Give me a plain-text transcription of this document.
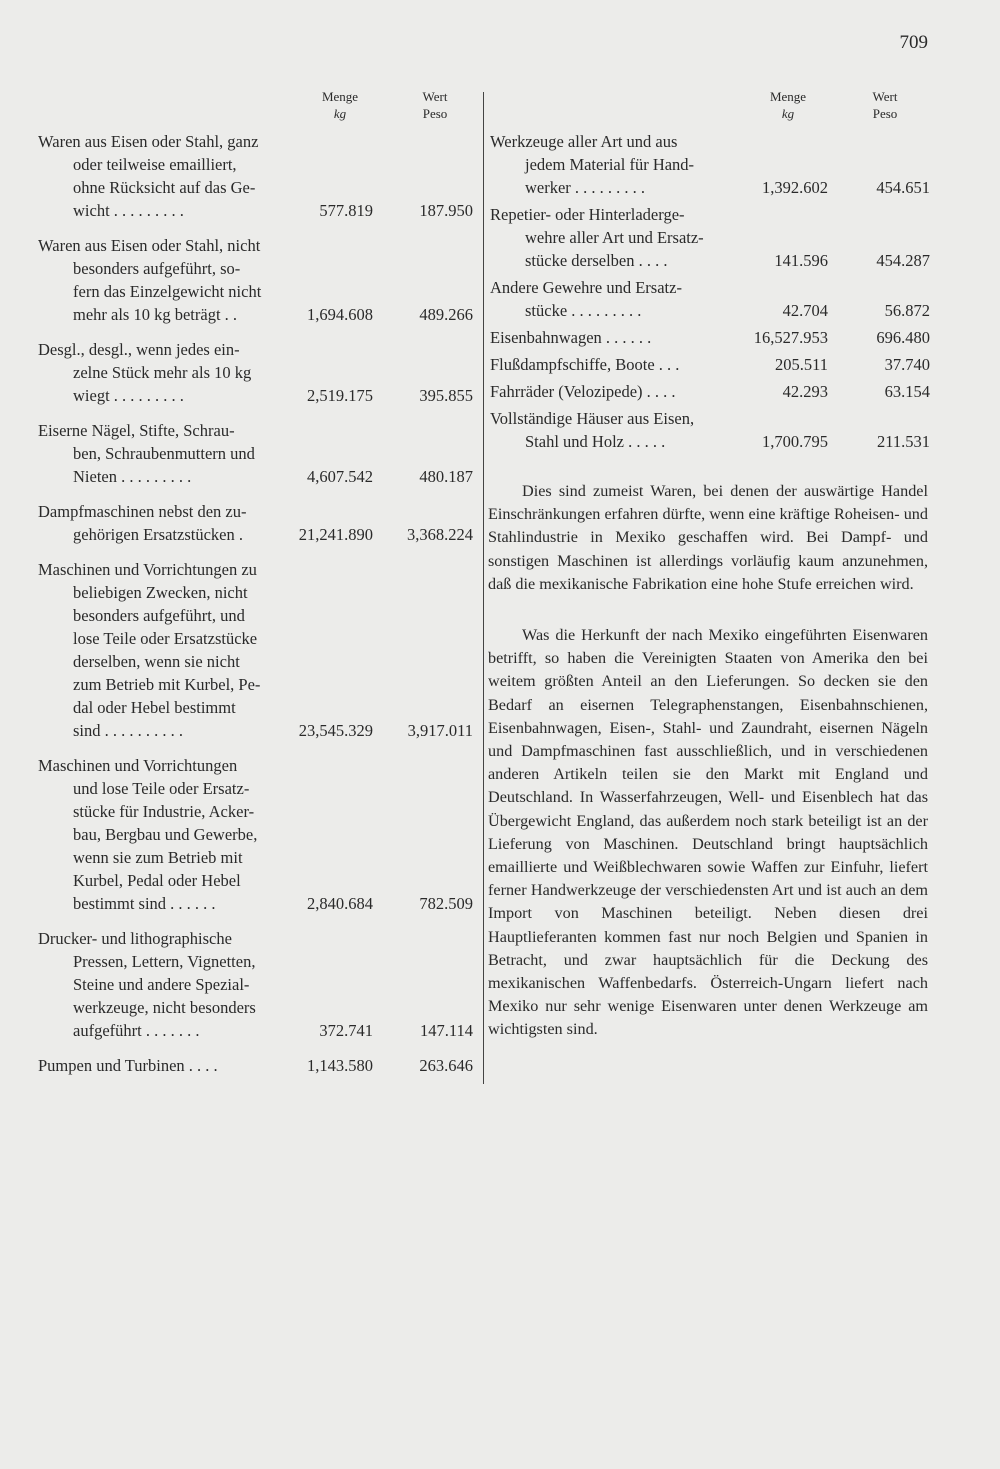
709
Menge
kg
Wert
Peso
Menge
kg
Wert
Peso
Waren aus Eisen oder Stahl, ganz
oder teilweise emailliert,
ohne Rücksicht auf das Ge-
wicht . . . . . . . . .	577.819	187.950
Waren aus Eisen oder Stahl, nicht
besonders aufgeführt, so-
fern das Einzelgewicht nicht
mehr als 10 kg beträgt . .	1,694.608	489.266
Desgl., desgl., wenn jedes ein-
zelne Stück mehr als 10 kg
wiegt . . . . . . . . .	2,519.175	395.855
Eiserne Nägel, Stifte, Schrau-
ben, Schraubenmuttern und
Nieten . . . . . . . . .	4,607.542	480.187
Dampfmaschinen nebst den zu-
gehörigen Ersatzstücken .	21,241.890	3,368.224
Maschinen und Vorrichtungen zu
beliebigen Zwecken, nicht
besonders aufgeführt, und
lose Teile oder Ersatzstücke
derselben, wenn sie nicht
zum Betrieb mit Kurbel, Pe-
dal oder Hebel bestimmt
sind . . . . . . . . . .	23,545.329	3,917.011
Maschinen und Vorrichtungen
und lose Teile oder Ersatz-
stücke für Industrie, Acker-
bau, Bergbau und Gewerbe,
wenn sie zum Betrieb mit
Kurbel, Pedal oder Hebel
bestimmt sind . . . . . .	2,840.684	782.509
Drucker- und lithographische
Pressen, Lettern, Vignetten,
Steine und andere Spezial-
werkzeuge, nicht besonders
aufgeführt . . . . . . .	372.741	147.114
Pumpen und Turbinen . . . .	1,143.580	263.646
Werkzeuge aller Art und aus
jedem Material für Hand-
werker . . . . . . . . .	1,392.602	454.651
Repetier- oder Hinterladerge-
wehre aller Art und Ersatz-
stücke derselben . . . .	141.596	454.287
Andere Gewehre und Ersatz-
stücke . . . . . . . . .	42.704	56.872
Eisenbahnwagen . . . . . .	16,527.953	696.480
Flußdampfschiffe, Boote . . .	205.511	37.740
Fahrräder (Velozipede) . . . .	42.293	63.154
Vollständige Häuser aus Eisen,
Stahl und Holz . . . . .	1,700.795	211.531

Dies sind zumeist Waren, bei denen der auswärtige Handel Einschränkungen erfahren dürfte, wenn eine kräftige Roheisen- und Stahlindustrie in Mexiko geschaffen wird. Bei Dampf- und sonstigen Maschinen ist allerdings vorläufig kaum anzunehmen, daß die mexikanische Fabrikation eine hohe Stufe erreichen wird.

Was die Herkunft der nach Mexiko eingeführten Eisenwaren betrifft, so haben die Vereinigten Staaten von Amerika den bei weitem größten Anteil an den Lieferungen. So decken sie den Bedarf an eisernen Telegraphenstangen, Eisenbahnschienen, Eisenbahnwagen, Eisen-, Stahl- und Zaundraht, eisernen Nägeln und Dampfmaschinen fast ausschließlich, und in verschiedenen anderen Artikeln teilen sie den Markt mit England und Deutschland. In Wasserfahrzeugen, Well- und Eisenblech hat das Übergewicht England, das außerdem noch stark beteiligt ist an der Lieferung von Maschinen. Deutschland bringt hauptsächlich emaillierte und Weißblechwaren sowie Waffen zur Einfuhr, liefert ferner Handwerkzeuge der verschiedensten Art und ist auch an dem Import von Maschinen beteiligt. Neben diesen drei Hauptlieferanten kommen fast nur noch Belgien und Spanien in Betracht, und zwar hauptsächlich für die Deckung des mexikanischen Waffenbedarfs. Österreich-Ungarn liefert nach Mexiko nur sehr wenige Eisenwaren unter denen Werkzeuge am wichtigsten sind.
